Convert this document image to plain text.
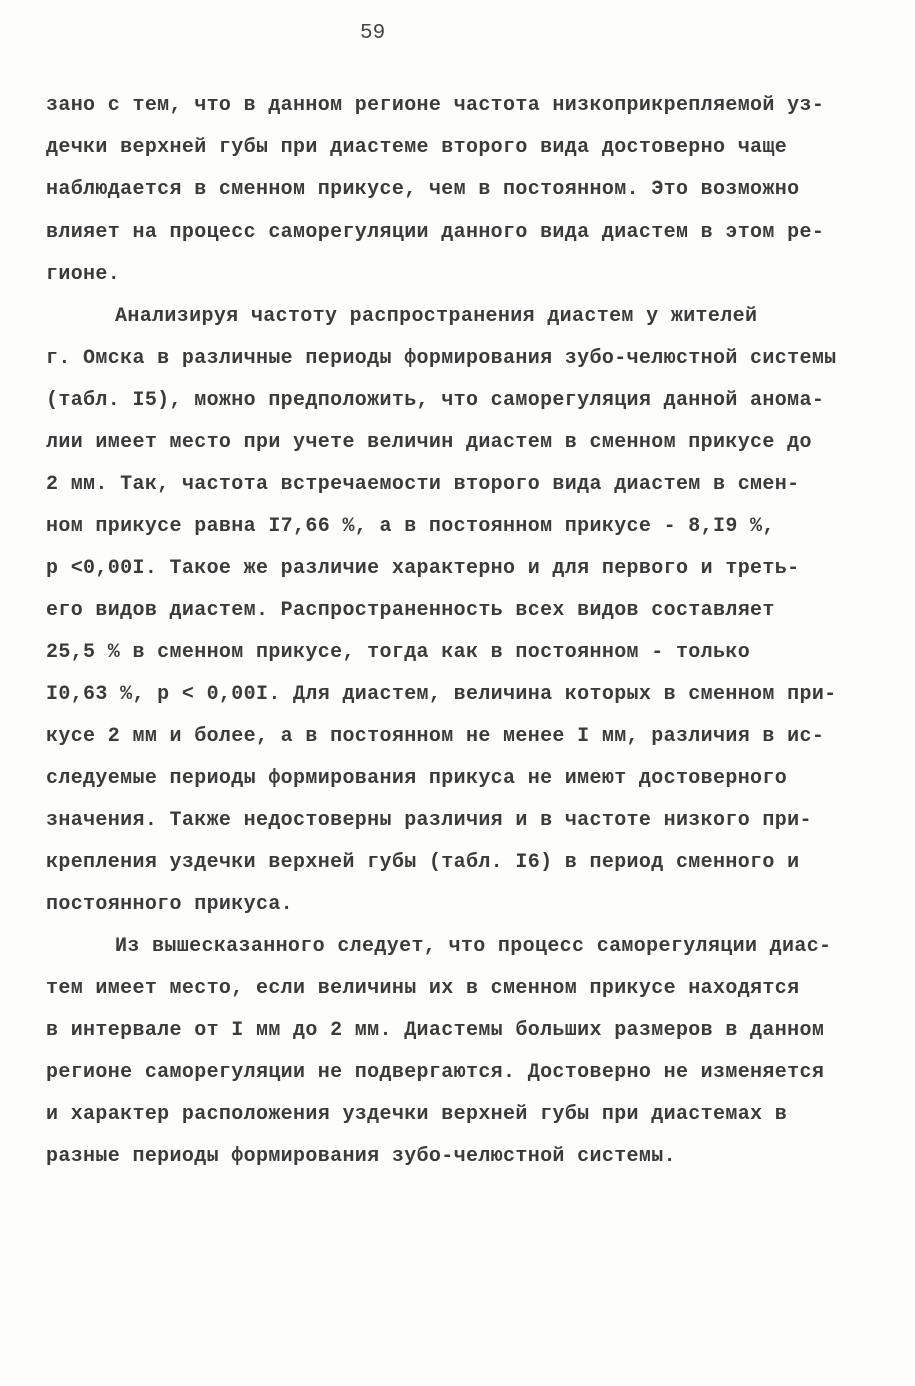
59
зано с тем, что в данном регионе частота низкоприкрепляемой уз-
дечки верхней губы при диастеме второго вида достоверно чаще
наблюдается в сменном прикусе, чем в постоянном. Это возможно
влияет на процесс саморегуляции данного вида диастем в этом ре-
гионе.
Анализируя частоту распространения диастем у жителей
г. Омска в различные периоды формирования зубо-челюстной системы
(табл. I5), можно предположить, что саморегуляция данной анома-
лии имеет место при учете величин диастем в сменном прикусе до
2 мм. Так, частота встречаемости второго вида диастем в смен-
ном прикусе равна I7,66 %, а в постоянном прикусе - 8,I9 %,
р <0,00I. Такое же различие характерно и для первого и треть-
его видов диастем. Распространенность всех видов составляет
25,5 % в сменном прикусе, тогда как в постоянном - только
I0,63 %, р < 0,00I. Для диастем, величина которых в сменном при-
кусе 2 мм и более, а в постоянном не менее I мм, различия в ис-
следуемые периоды формирования прикуса не имеют достоверного
значения. Также недостоверны различия и в частоте низкого при-
крепления уздечки верхней губы (табл. I6) в период сменного и
постоянного прикуса.
Из вышесказанного следует, что процесс саморегуляции диас-
тем имеет место, если величины их в сменном прикусе находятся
в интервале от I мм до 2 мм. Диастемы больших размеров в данном
регионе саморегуляции не подвергаются. Достоверно не изменяется
и характер расположения уздечки верхней губы при диастемах в
разные периоды формирования зубо-челюстной системы.
